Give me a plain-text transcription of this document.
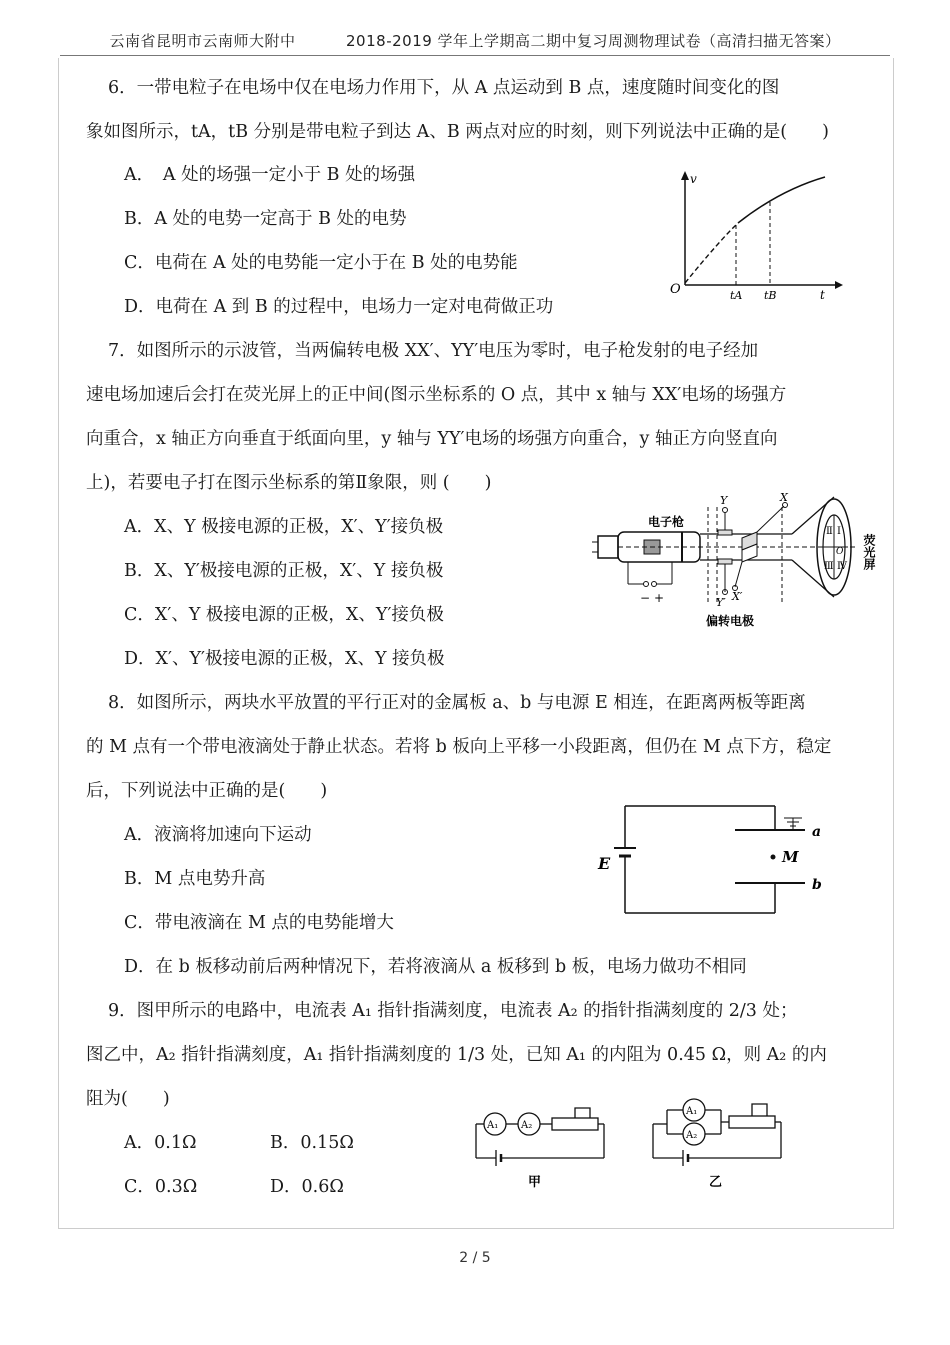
云南省昆明市云南师大附中	2018-2019 学年上学期高二期中复习周测物理试卷（高清扫描无答案）
6．一带电粒子在电场中仅在电场力作用下，从 A 点运动到 B 点，速度随时间变化的图
象如图所示，tA，tB 分别是带电粒子到达 A、B 两点对应的时刻，则下列说法中正确的是(　　)
A．　A 处的场强一定小于 B 处的场强
B．A 处的电势一定高于 B 处的电势
C．电荷在 A 处的电势能一定小于在 B 处的电势能
D．电荷在 A 到 B 的过程中，电场力一定对电荷做正功
v
O	tA tB	t
7．如图所示的示波管，当两偏转电极 XX′、YY′电压为零时，电子枪发射的电子经加
速电场加速后会打在荧光屏上的正中间(图示坐标系的 O 点，其中 x 轴与 XX′电场的场强方
向重合，x 轴正方向垂直于纸面向里，y 轴与 YY′电场的场强方向重合，y 轴正方向竖直向
上)，若要电子打在图示坐标系的第Ⅱ象限，则 (　　)
A．X、Y 极接电源的正极，X′、Y′接负极
B．X、Y′极接电源的正极，X′、Y 接负极
C．X′、Y 极接电源的正极，X、Y′接负极
D．X′、Y′极接电源的正极，X、Y 接负极
电子枪
Y	X
Y′ X′
− +
偏转电极
Ⅱ Ⅰ
Ⅲ Ⅳ
O 荧光屏
8．如图所示，两块水平放置的平行正对的金属板 a、b 与电源 E 相连，在距离两板等距离
的 M 点有一个带电液滴处于静止状态。若将 b 板向上平移一小段距离，但仍在 M 点下方，稳定
后，下列说法中正确的是(　　)
A．液滴将加速向下运动
B．M 点电势升高
C．带电液滴在 M 点的电势能增大
D．在 b 板移动前后两种情况下，若将液滴从 a 板移到 b 板，电场力做功不相同
E	M
a
b
9．图甲所示的电路中，电流表 A₁ 指针指满刻度，电流表 A₂ 的指针指满刻度的 2/3 处；
图乙中，A₂ 指针指满刻度，A₁ 指针指满刻度的 1/3 处，已知 A₁ 的内阻为 0.45 Ω，则 A₂ 的内
阻为(　　)
A．0.1Ω	B．0.15Ω
C．0.3Ω	D．0.6Ω
A₁ A₂
甲
A₁
A₂
乙
2 / 5
